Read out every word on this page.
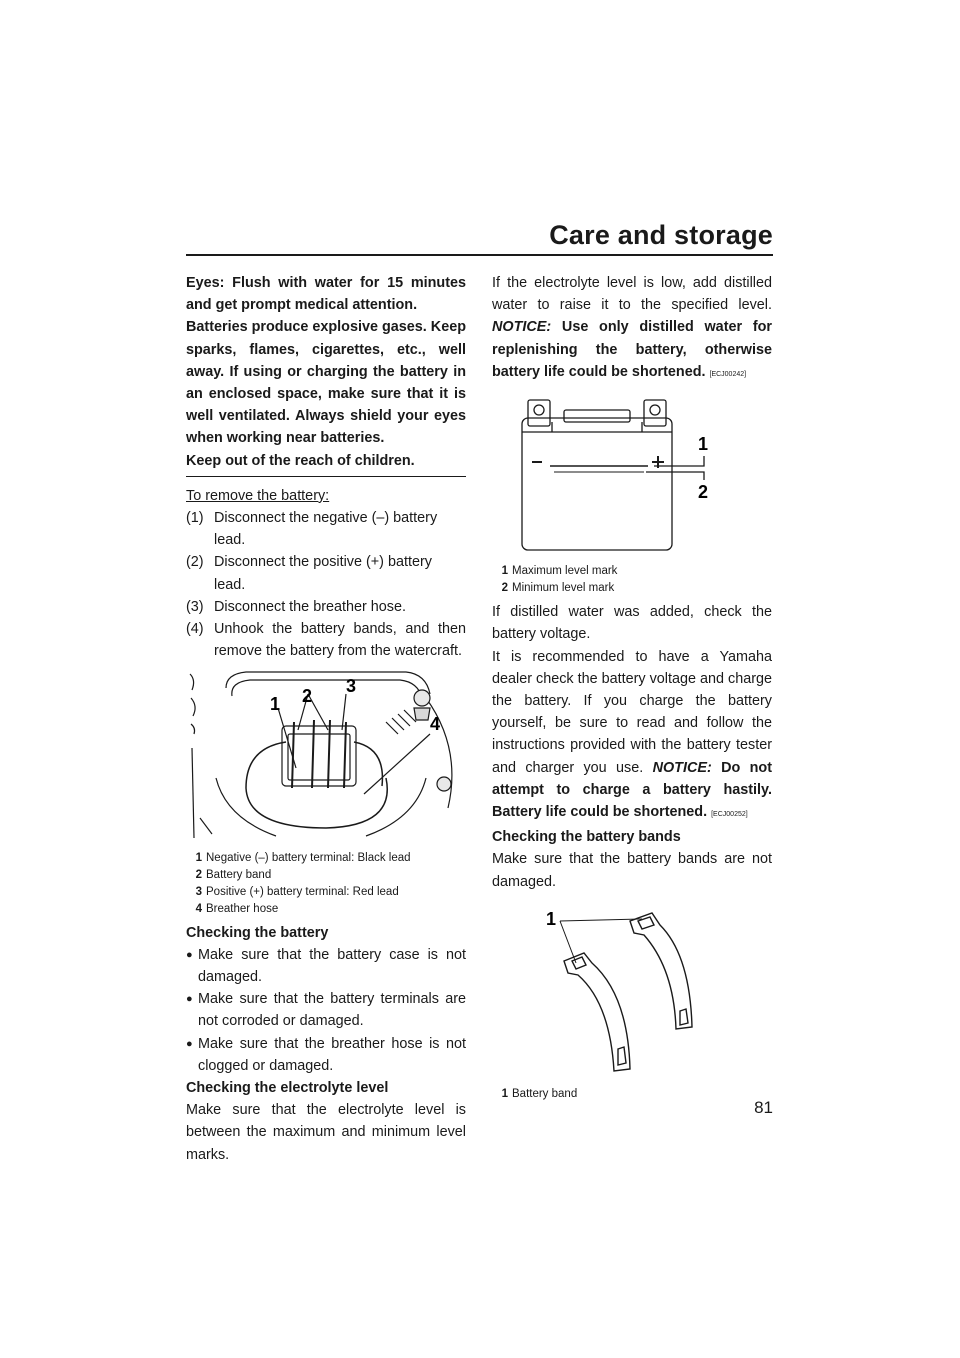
Care and storage

Eyes: Flush with water for 15 minutes and get prompt medical attention.

Batteries produce explosive gases. Keep sparks, flames, cigarettes, etc., well away. If using or charging the battery in an enclosed space, make sure that it is well ventilated. Always shield your eyes when working near batteries.

Keep out of the reach of children.

To remove the battery:

(1) Disconnect the negative (–) battery lead.
(2) Disconnect the positive (+) battery lead.
(3) Disconnect the breather hose.
(4) Unhook the battery bands, and then remove the battery from the watercraft.
1 2 3
4
1 Negative (–) battery terminal: Black lead
2 Battery band
3 Positive (+) battery terminal: Red lead
4 Breather hose

Checking the battery

● Make sure that the battery case is not damaged.
● Make sure that the battery terminals are not corroded or damaged.
● Make sure that the breather hose is not clogged or damaged.

Checking the electrolyte level

Make sure that the electrolyte level is between the maximum and minimum level marks.

If the electrolyte level is low, add distilled water to raise it to the specified level. NOTICE: Use only distilled water for replenishing the battery, otherwise battery life could be shortened. [ECJ00242]

1
2
1 Maximum level mark
2 Minimum level mark

If distilled water was added, check the battery voltage.

It is recommended to have a Yamaha dealer check the battery voltage and charge the battery. If you charge the battery yourself, be sure to read and follow the instructions provided with the battery tester and charger you use. NOTICE: Do not attempt to charge a battery hastily. Battery life could be shortened. [ECJ00252]

Checking the battery bands

Make sure that the battery bands are not damaged.

1
1 Battery band
81
